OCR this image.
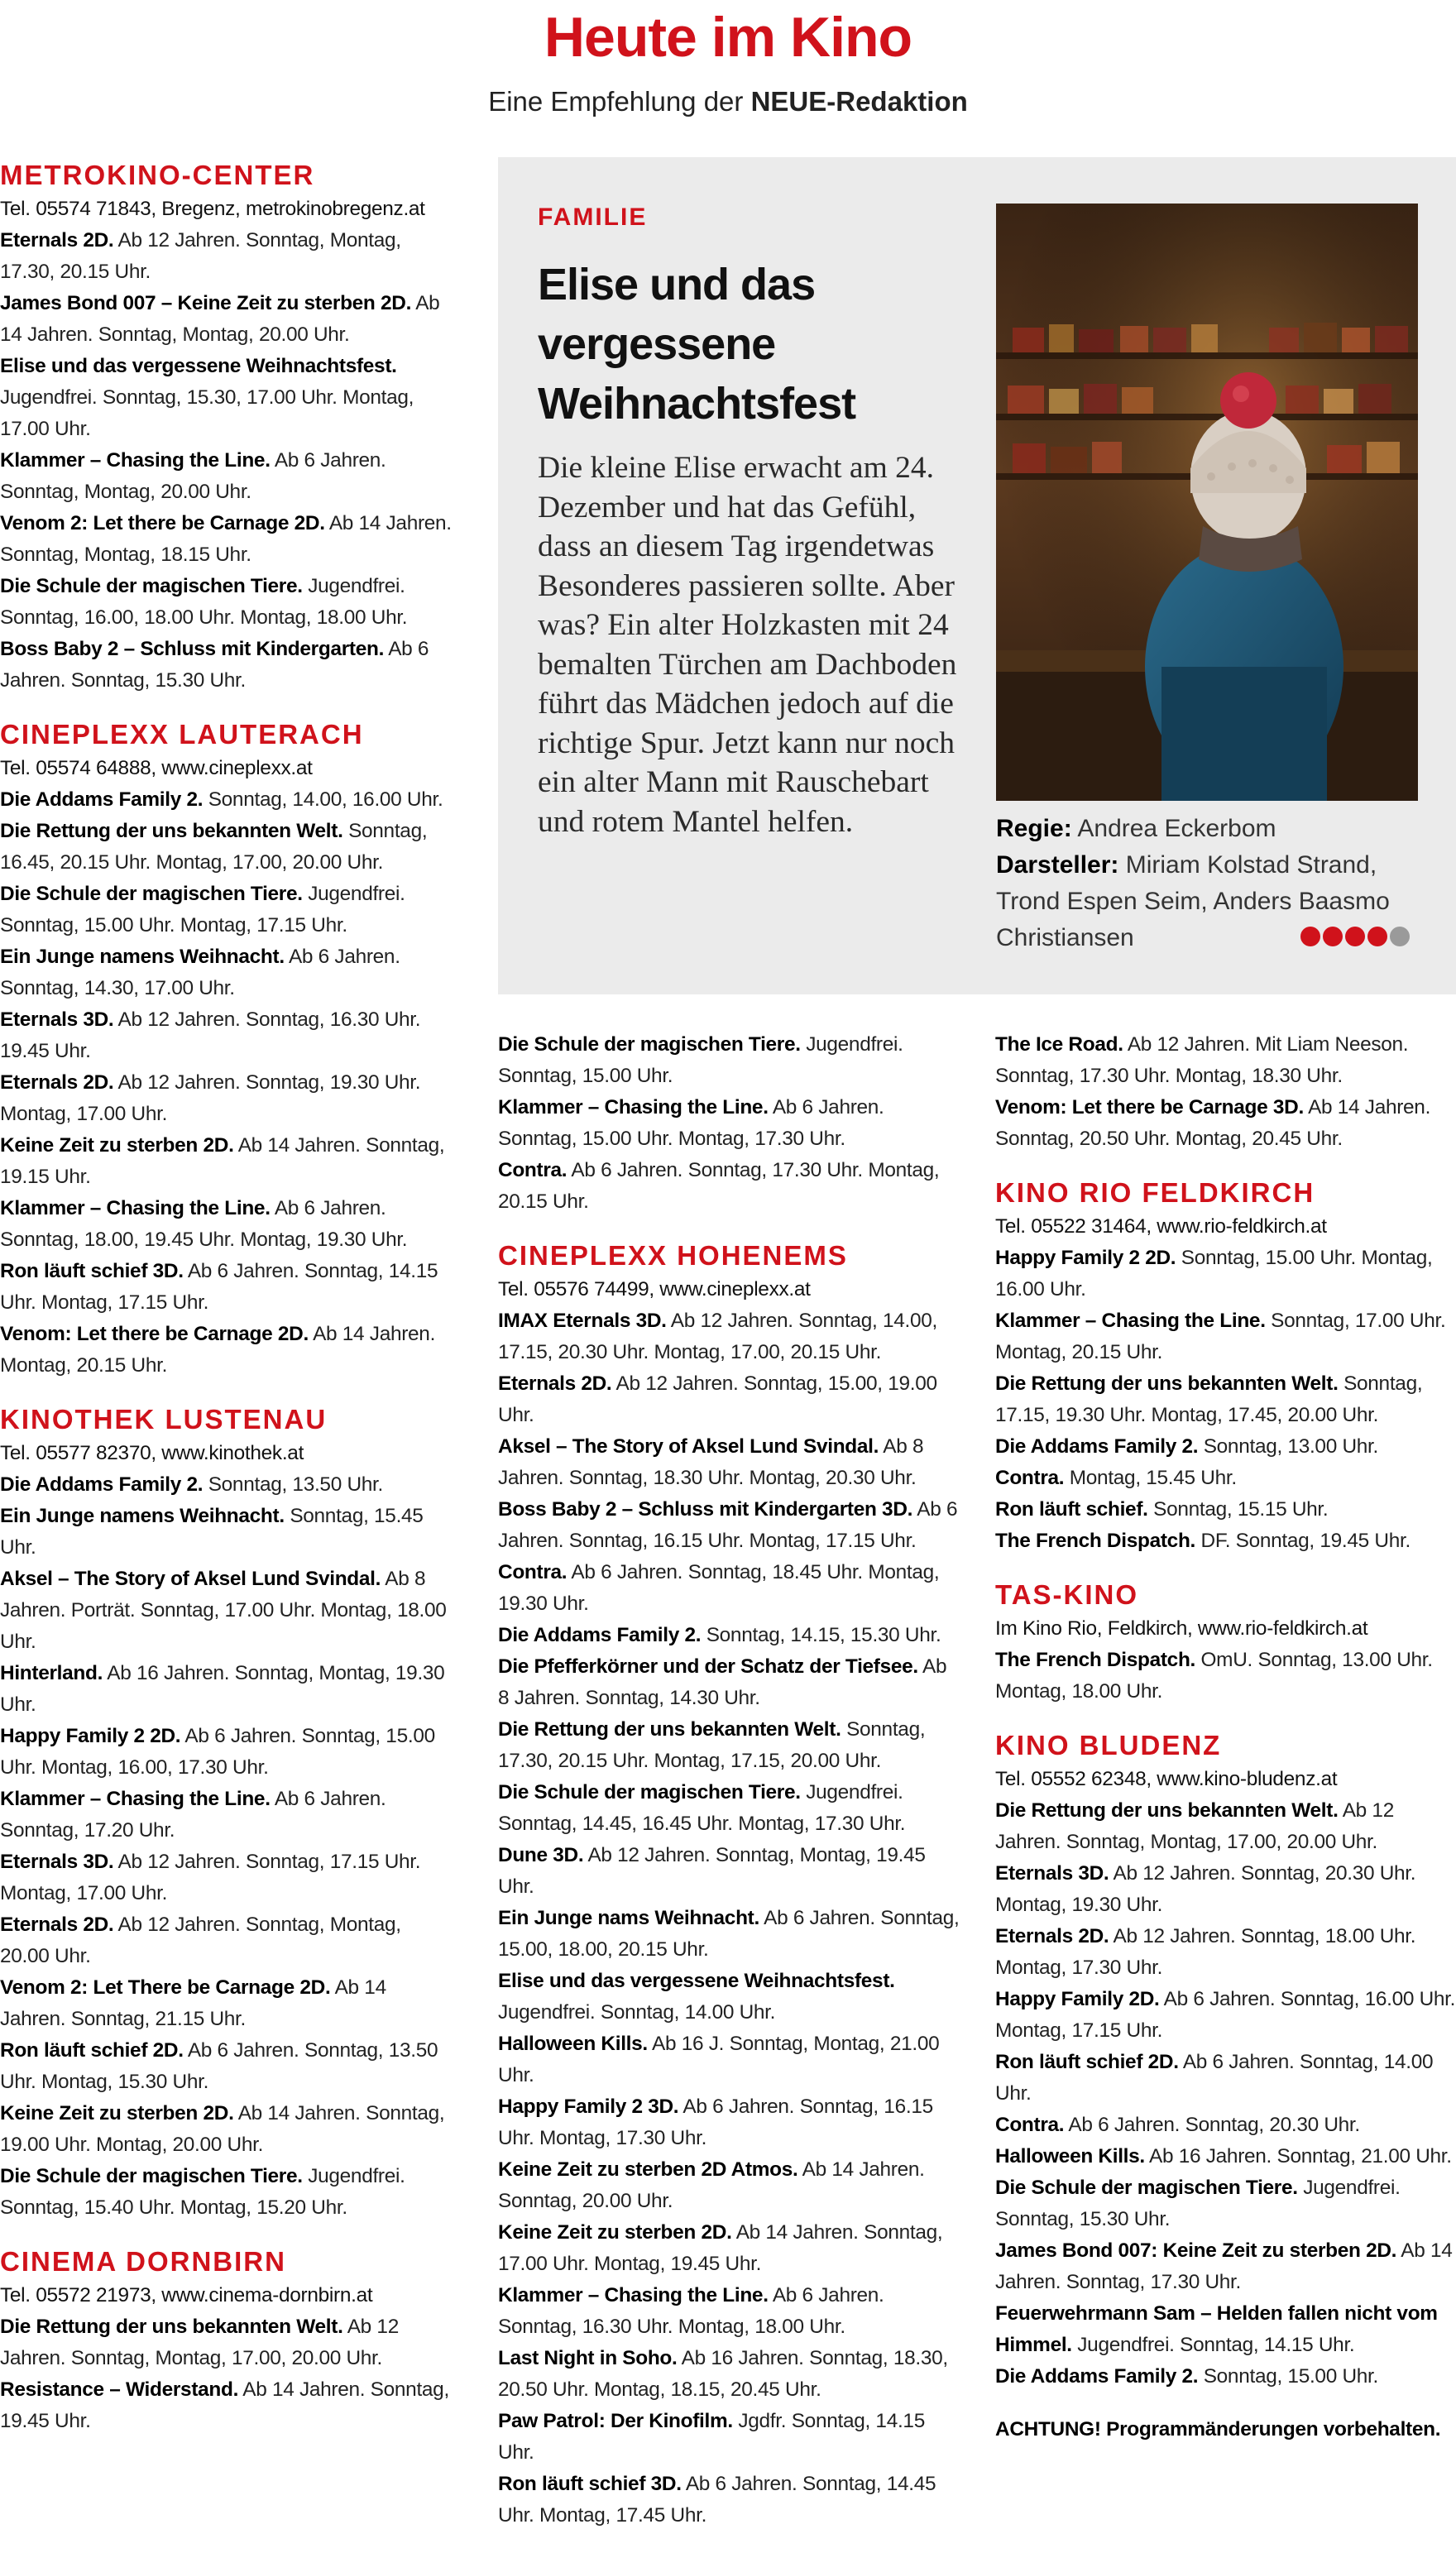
Heute im Kino
Eine Empfehlung der NEUE-Redaktion
METROKINO-CENTER
Tel. 05574 71843, Bregenz, metrokinobregenz.at
Eternals 2D. Ab 12 Jahren. Sonntag, Montag, 17.30, 20.15 Uhr.
James Bond 007 – Keine Zeit zu sterben 2D. Ab 14 Jahren. Sonntag, Montag, 20.00 Uhr.
Elise und das vergessene Weihnachtsfest. Jugendfrei. Sonntag, 15.30, 17.00 Uhr. Montag, 17.00 Uhr.
Klammer – Chasing the Line. Ab 6 Jahren. Sonntag, Montag, 20.00 Uhr.
Venom 2: Let there be Carnage 2D. Ab 14 Jahren. Sonntag, Montag, 18.15 Uhr.
Die Schule der magischen Tiere. Jugendfrei. Sonntag, 16.00, 18.00 Uhr. Montag, 18.00 Uhr.
Boss Baby 2 – Schluss mit Kindergarten. Ab 6 Jahren. Sonntag, 15.30 Uhr.
CINEPLEXX LAUTERACH
Tel. 05574 64888, www.cineplexx.at
Die Addams Family 2. Sonntag, 14.00, 16.00 Uhr.
Die Rettung der uns bekannten Welt. Sonntag, 16.45, 20.15 Uhr. Montag, 17.00, 20.00 Uhr.
Die Schule der magischen Tiere. Jugendfrei. Sonntag, 15.00 Uhr. Montag, 17.15 Uhr.
Ein Junge namens Weihnacht. Ab 6 Jahren. Sonntag, 14.30, 17.00 Uhr.
Eternals 3D. Ab 12 Jahren. Sonntag, 16.30 Uhr. 19.45 Uhr.
Eternals 2D. Ab 12 Jahren. Sonntag, 19.30 Uhr. Montag, 17.00 Uhr.
Keine Zeit zu sterben 2D. Ab 14 Jahren. Sonntag, 19.15 Uhr.
Klammer – Chasing the Line. Ab 6 Jahren. Sonntag, 18.00, 19.45 Uhr. Montag, 19.30 Uhr.
Ron läuft schief 3D. Ab 6 Jahren. Sonntag, 14.15 Uhr. Montag, 17.15 Uhr.
Venom: Let there be Carnage 2D. Ab 14 Jahren. Montag, 20.15 Uhr.
KINOTHEK LUSTENAU
Tel. 05577 82370, www.kinothek.at
Die Addams Family 2. Sonntag, 13.50 Uhr.
Ein Junge namens Weihnacht. Sonntag, 15.45 Uhr.
Aksel – The Story of Aksel Lund Svindal. Ab 8 Jahren. Porträt. Sonntag, 17.00 Uhr. Montag, 18.00 Uhr.
Hinterland. Ab 16 Jahren. Sonntag, Montag, 19.30 Uhr.
Happy Family 2 2D. Ab 6 Jahren. Sonntag, 15.00 Uhr. Montag, 16.00, 17.30 Uhr.
Klammer – Chasing the Line. Ab 6 Jahren. Sonntag, 17.20 Uhr.
Eternals 3D. Ab 12 Jahren. Sonntag, 17.15 Uhr. Montag, 17.00 Uhr.
Eternals 2D. Ab 12 Jahren. Sonntag, Montag, 20.00 Uhr.
Venom 2: Let There be Carnage 2D. Ab 14 Jahren. Sonntag, 21.15 Uhr.
Ron läuft schief 2D. Ab 6 Jahren. Sonntag, 13.50 Uhr. Montag, 15.30 Uhr.
Keine Zeit zu sterben 2D. Ab 14 Jahren. Sonntag, 19.00 Uhr. Montag, 20.00 Uhr.
Die Schule der magischen Tiere. Jugendfrei. Sonntag, 15.40 Uhr. Montag, 15.20 Uhr.
CINEMA DORNBIRN
Tel. 05572 21973, www.cinema-dornbirn.at
Die Rettung der uns bekannten Welt. Ab 12 Jahren. Sonntag, Montag, 17.00, 20.00 Uhr.
Resistance – Widerstand. Ab 14 Jahren. Sonntag, 19.45 Uhr.
FAMILIE
Elise und das vergessene Weihnachtsfest
Die kleine Elise erwacht am 24. Dezember und hat das Gefühl, dass an diesem Tag irgendetwas Besonderes passieren sollte. Aber was? Ein alter Holzkasten mit 24 bemalten Türchen am Dachboden führt das Mädchen jedoch auf die richtige Spur. Jetzt kann nur noch ein alter Mann mit Rauschebart und rotem Mantel helfen.	Regie: Andrea Eckerbom
Darsteller: Miriam Kolstad Strand, Trond Espen Seim, Anders Baasmo Christiansen
Die Schule der magischen Tiere. Jugendfrei. Sonntag, 15.00 Uhr.
Klammer – Chasing the Line. Ab 6 Jahren. Sonntag, 15.00 Uhr. Montag, 17.30 Uhr.
Contra. Ab 6 Jahren. Sonntag, 17.30 Uhr. Montag, 20.15 Uhr.
CINEPLEXX HOHENEMS
Tel. 05576 74499, www.cineplexx.at
IMAX Eternals 3D. Ab 12 Jahren. Sonntag, 14.00, 17.15, 20.30 Uhr. Montag, 17.00, 20.15 Uhr.
Eternals 2D. Ab 12 Jahren. Sonntag, 15.00, 19.00 Uhr.
Aksel – The Story of Aksel Lund Svindal. Ab 8 Jahren. Sonntag, 18.30 Uhr. Montag, 20.30 Uhr.
Boss Baby 2 – Schluss mit Kindergarten 3D. Ab 6 Jahren. Sonntag, 16.15 Uhr. Montag, 17.15 Uhr.
Contra. Ab 6 Jahren. Sonntag, 18.45 Uhr. Montag, 19.30 Uhr.
Die Addams Family 2. Sonntag, 14.15, 15.30 Uhr.
Die Pfefferkörner und der Schatz der Tiefsee. Ab 8 Jahren. Sonntag, 14.30 Uhr.
Die Rettung der uns bekannten Welt. Sonntag, 17.30, 20.15 Uhr. Montag, 17.15, 20.00 Uhr.
Die Schule der magischen Tiere. Jugendfrei. Sonntag, 14.45, 16.45 Uhr. Montag, 17.30 Uhr.
Dune 3D. Ab 12 Jahren. Sonntag, Montag, 19.45 Uhr.
Ein Junge nams Weihnacht. Ab 6 Jahren. Sonntag, 15.00, 18.00, 20.15 Uhr.
Elise und das vergessene Weihnachtsfest. Jugendfrei. Sonntag, 14.00 Uhr.
Halloween Kills. Ab 16 J. Sonntag, Montag, 21.00 Uhr.
Happy Family 2 3D. Ab 6 Jahren. Sonntag, 16.15 Uhr. Montag, 17.30 Uhr.
Keine Zeit zu sterben 2D Atmos. Ab 14 Jahren. Sonntag, 20.00 Uhr.
Keine Zeit zu sterben 2D. Ab 14 Jahren. Sonntag, 17.00 Uhr. Montag, 19.45 Uhr.
Klammer – Chasing the Line. Ab 6 Jahren. Sonntag, 16.30 Uhr. Montag, 18.00 Uhr.
Last Night in Soho. Ab 16 Jahren. Sonntag, 18.30, 20.50 Uhr. Montag, 18.15, 20.45 Uhr.
Paw Patrol: Der Kinofilm. Jgdfr. Sonntag, 14.15 Uhr.
Ron läuft schief 3D. Ab 6 Jahren. Sonntag, 14.45 Uhr. Montag, 17.45 Uhr.
The Ice Road. Ab 12 Jahren. Mit Liam Neeson. Sonntag, 17.30 Uhr. Montag, 18.30 Uhr.
Venom: Let there be Carnage 3D. Ab 14 Jahren. Sonntag, 20.50 Uhr. Montag, 20.45 Uhr.
KINO RIO FELDKIRCH
Tel. 05522 31464, www.rio-feldkirch.at
Happy Family 2 2D. Sonntag, 15.00 Uhr. Montag, 16.00 Uhr.
Klammer – Chasing the Line. Sonntag, 17.00 Uhr. Montag, 20.15 Uhr.
Die Rettung der uns bekannten Welt. Sonntag, 17.15, 19.30 Uhr. Montag, 17.45, 20.00 Uhr.
Die Addams Family 2. Sonntag, 13.00 Uhr.
Contra. Montag, 15.45 Uhr.
Ron läuft schief. Sonntag, 15.15 Uhr.
The French Dispatch. DF. Sonntag, 19.45 Uhr.
TAS-KINO
Im Kino Rio, Feldkirch, www.rio-feldkirch.at
The French Dispatch. OmU. Sonntag, 13.00 Uhr. Montag, 18.00 Uhr.
KINO BLUDENZ
Tel. 05552 62348, www.kino-bludenz.at
Die Rettung der uns bekannten Welt. Ab 12 Jahren. Sonntag, Montag, 17.00, 20.00 Uhr.
Eternals 3D. Ab 12 Jahren. Sonntag, 20.30 Uhr. Montag, 19.30 Uhr.
Eternals 2D. Ab 12 Jahren. Sonntag, 18.00 Uhr. Montag, 17.30 Uhr.
Happy Family 2D. Ab 6 Jahren. Sonntag, 16.00 Uhr. Montag, 17.15 Uhr.
Ron läuft schief 2D. Ab 6 Jahren. Sonntag, 14.00 Uhr.
Contra. Ab 6 Jahren. Sonntag, 20.30 Uhr.
Halloween Kills. Ab 16 Jahren. Sonntag, 21.00 Uhr.
Die Schule der magischen Tiere. Jugendfrei. Sonntag, 15.30 Uhr.
James Bond 007: Keine Zeit zu sterben 2D. Ab 14 Jahren. Sonntag, 17.30 Uhr.
Feuerwehrmann Sam – Helden fallen nicht vom Himmel. Jugendfrei. Sonntag, 14.15 Uhr.
Die Addams Family 2. Sonntag, 15.00 Uhr.
ACHTUNG! Programmänderungen vorbehalten.
